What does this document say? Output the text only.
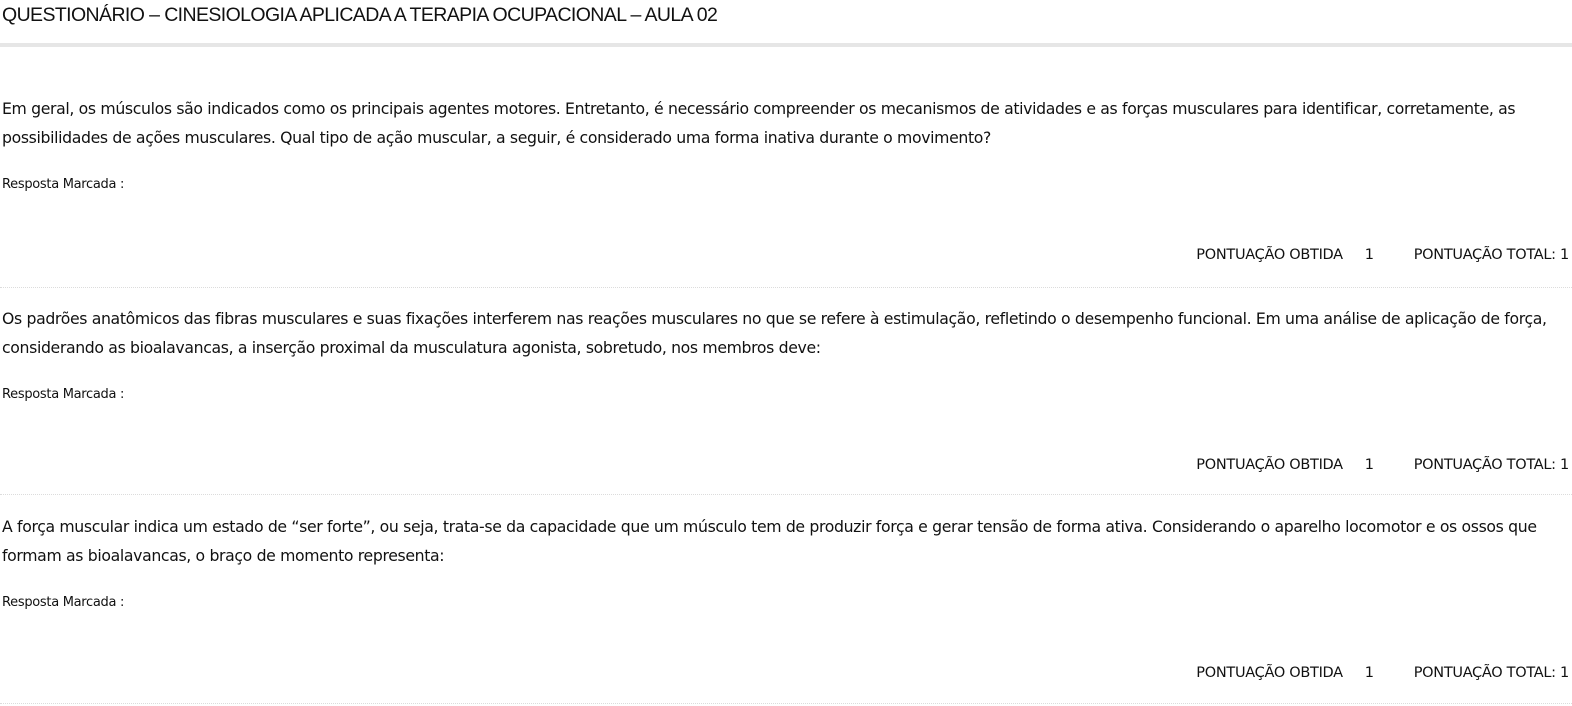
QUESTIONÁRIO – CINESIOLOGIA APLICADA A TERAPIA OCUPACIONAL – AULA 02

Em geral, os músculos são indicados como os principais agentes motores. Entretanto, é necessário compreender os mecanismos de atividades e as forças musculares para identificar, corretamente, as possibilidades de ações musculares. Qual tipo de ação muscular, a seguir, é considerado uma forma inativa durante o movimento?

Resposta Marcada :
PONTUAÇÃO OBTIDA 1	PONTUAÇÃO TOTAL: 1

Os padrões anatômicos das fibras musculares e suas fixações interferem nas reações musculares no que se refere à estimulação, refletindo o desempenho funcional. Em uma análise de aplicação de força, considerando as bioalavancas, a inserção proximal da musculatura agonista, sobretudo, nos membros deve:

Resposta Marcada :
PONTUAÇÃO OBTIDA 1	PONTUAÇÃO TOTAL: 1

A força muscular indica um estado de “ser forte”, ou seja, trata-se da capacidade que um músculo tem de produzir força e gerar tensão de forma ativa. Considerando o aparelho locomotor e os ossos que formam as bioalavancas, o braço de momento representa:

Resposta Marcada :
PONTUAÇÃO OBTIDA 1	PONTUAÇÃO TOTAL: 1
